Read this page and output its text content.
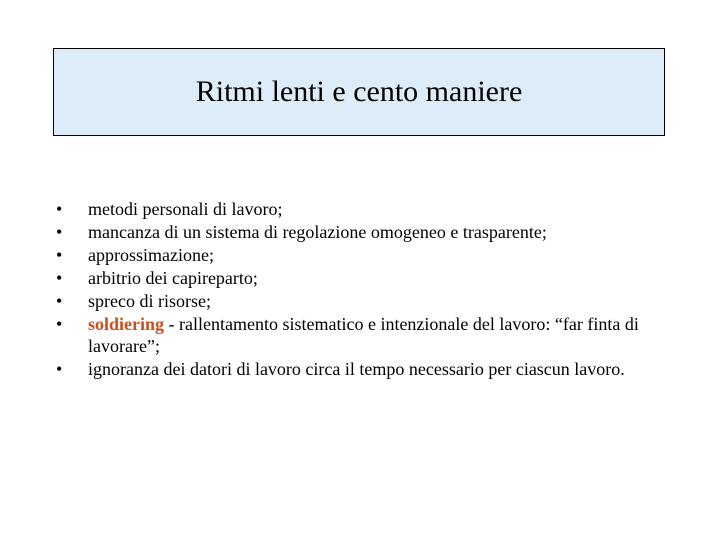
Ritmi lenti e cento maniere
•	metodi personali di lavoro;
•	mancanza di un sistema di regolazione omogeneo e trasparente;
•	approssimazione;
•	arbitrio dei capireparto;
•	spreco di risorse;
•	soldiering - rallentamento sistematico e intenzionale del lavoro: “far finta di lavorare”;
•	ignoranza dei datori di lavoro circa il tempo necessario per ciascun lavoro.
